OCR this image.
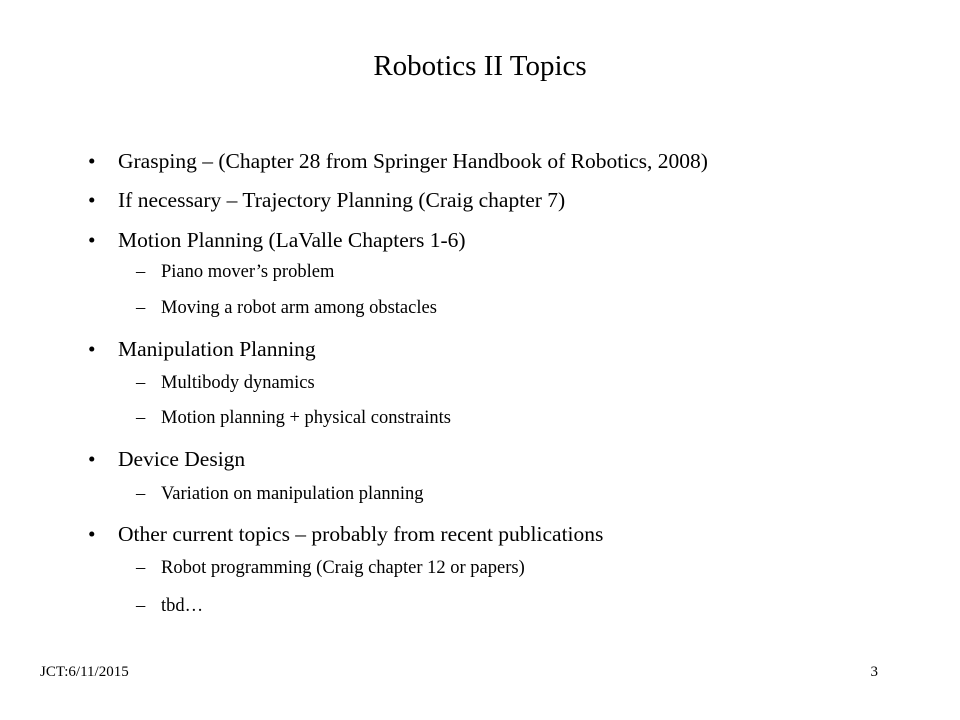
Robotics II Topics
• Grasping – (Chapter 28 from Springer Handbook of Robotics, 2008)
• If necessary – Trajectory Planning (Craig chapter 7)
• Motion Planning (LaValle Chapters 1-6)
– Piano mover’s problem
– Moving a robot arm among obstacles
• Manipulation Planning
– Multibody dynamics
– Motion planning + physical constraints
• Device Design
– Variation on manipulation planning
• Other current topics – probably from recent publications
– Robot programming (Craig chapter 12 or papers)
– tbd…
JCT:6/11/2015	3
